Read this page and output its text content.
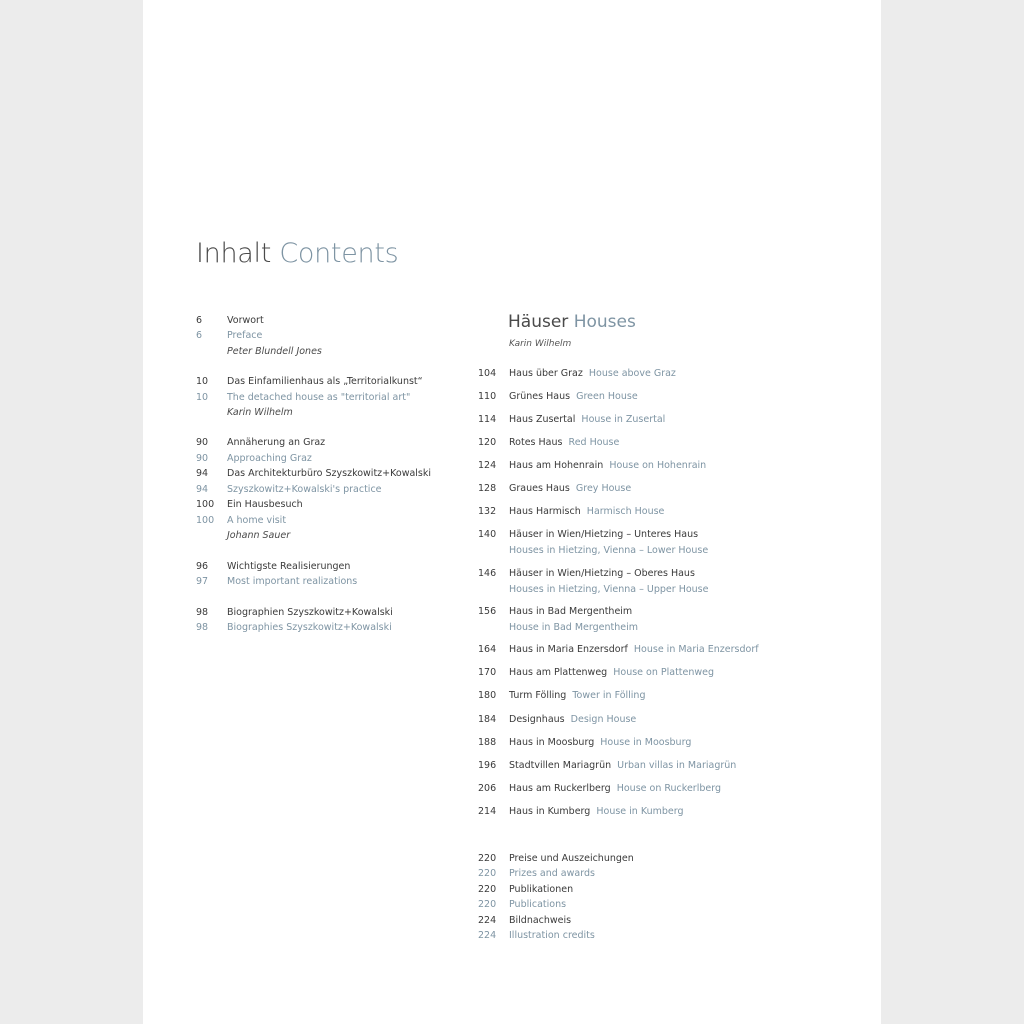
Inhalt Contents
6	Vorwort
6	Preface
Peter Blundell Jones
10 Das Einfamilienhaus als „Territorialkunst“
10 The detached house as "territorial art"
Karin Wilhelm
90 Annäherung an Graz
90 Approaching Graz
94 Das Architekturbüro Szyszkowitz+Kowalski
94 Szyszkowitz+Kowalski's practice
100 Ein Hausbesuch
100 A home visit
Johann Sauer
96 Wichtigste Realisierungen
97 Most important realizations
98 Biographien Szyszkowitz+Kowalski
98 Biographies Szyszkowitz+Kowalski
Häuser Houses
Karin Wilhelm
104 Haus über Graz House above Graz
110 Grünes Haus Green House
114 Haus Zusertal House in Zusertal
120 Rotes Haus Red House
124 Haus am Hohenrain House on Hohenrain
128 Graues Haus Grey House
132 Haus Harmisch Harmisch House
140 Häuser in Wien/Hietzing – Unteres Haus
Houses in Hietzing, Vienna – Lower House
146 Häuser in Wien/Hietzing – Oberes Haus
Houses in Hietzing, Vienna – Upper House
156 Haus in Bad Mergentheim
House in Bad Mergentheim
164 Haus in Maria Enzersdorf House in Maria Enzersdorf
170 Haus am Plattenweg House on Plattenweg
180 Turm Fölling Tower in Fölling
184 Designhaus Design House
188 Haus in Moosburg House in Moosburg
196 Stadtvillen Mariagrün Urban villas in Mariagrün
206 Haus am Ruckerlberg House on Ruckerlberg
214 Haus in Kumberg House in Kumberg
220 Preise und Auszeichungen
220 Prizes and awards
220 Publikationen
220 Publications
224 Bildnachweis
224 Illustration credits
